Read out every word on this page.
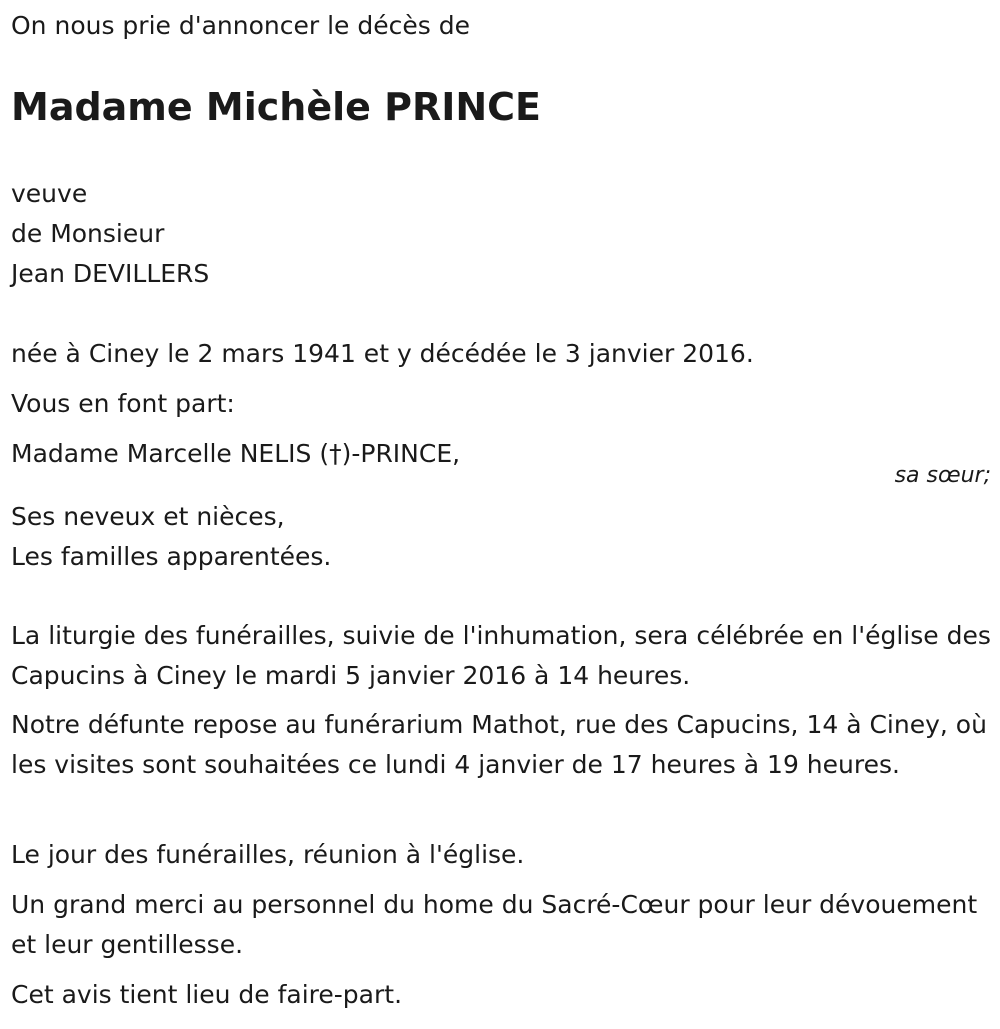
On nous prie d'annoncer le décès de

Madame Michèle PRINCE

veuve

de Monsieur

Jean DEVILLERS

née à Ciney le 2 mars 1941 et y décédée le 3 janvier 2016.

Vous en font part:

Madame Marcelle NELIS (†)-PRINCE,

sa sœur;

Ses neveux et nièces,

Les familles apparentées.

La liturgie des funérailles, suivie de l'inhumation, sera célébrée en l'église des Capucins à Ciney le mardi 5 janvier 2016 à 14 heures.

Notre défunte repose au funérarium Mathot, rue des Capucins, 14 à Ciney, où les visites sont souhaitées ce lundi 4 janvier de 17 heures à 19 heures.

Le jour des funérailles, réunion à l'église.

Un grand merci au personnel du home du Sacré-Cœur pour leur dévouement et leur gentillesse.

Cet avis tient lieu de faire-part.
